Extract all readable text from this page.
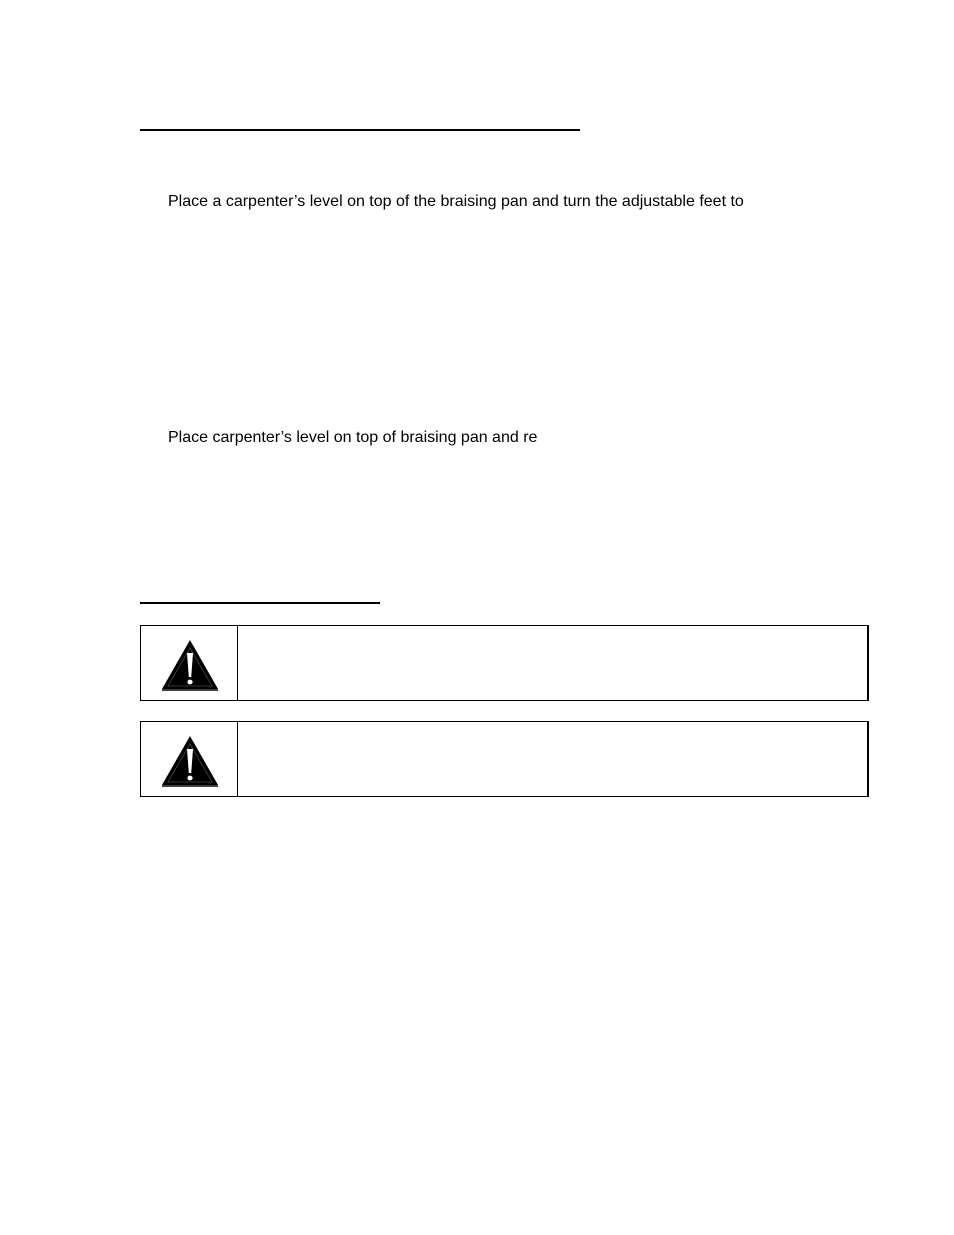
Place a carpenter’s level on top of the braising pan and turn the adjustable feet to

Place carpenter’s level on top of braising pan and re
